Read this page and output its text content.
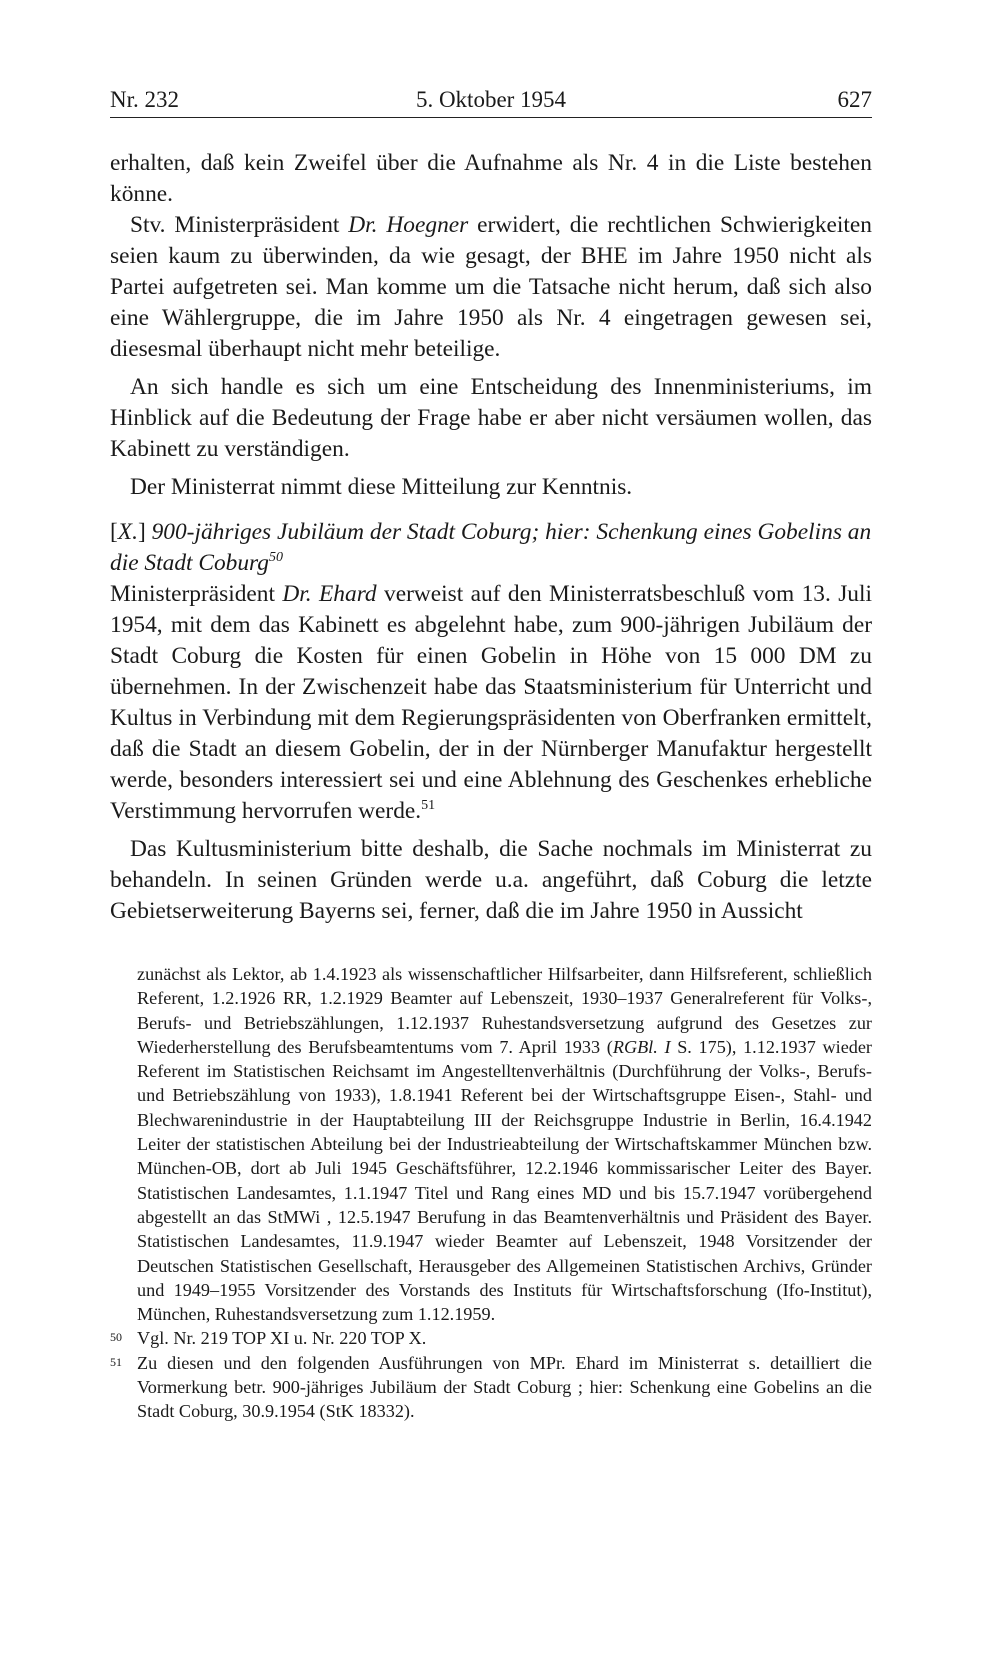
Nr. 232	5. Oktober 1954	627

erhalten, daß kein Zweifel über die Aufnahme als Nr. 4 in die Liste bestehen könne.

Stv. Ministerpräsident Dr. Hoegner erwidert, die rechtlichen Schwierigkeiten seien kaum zu überwinden, da wie gesagt, der BHE im Jahre 1950 nicht als Partei aufgetreten sei. Man komme um die Tatsache nicht herum, daß sich also eine Wählergruppe, die im Jahre 1950 als Nr. 4 eingetragen gewesen sei, diesesmal überhaupt nicht mehr beteilige.

An sich handle es sich um eine Entscheidung des Innenministeriums, im Hinblick auf die Bedeutung der Frage habe er aber nicht versäumen wollen, das Kabinett zu verständigen.

Der Ministerrat nimmt diese Mitteilung zur Kenntnis.

[X.] 900-jähriges Jubiläum der Stadt Coburg; hier: Schenkung eines Gobelins an die Stadt Coburg$^{50}$

Ministerpräsident Dr. Ehard verweist auf den Ministerratsbeschluß vom 13. Juli 1954, mit dem das Kabinett es abgelehnt habe, zum 900-jährigen Jubiläum der Stadt Coburg die Kosten für einen Gobelin in Höhe von 15 000 DM zu übernehmen. In der Zwischenzeit habe das Staatsministerium für Unterricht und Kultus in Verbindung mit dem Regierungspräsidenten von Oberfranken ermittelt, daß die Stadt an diesem Gobelin, der in der Nürnberger Manufaktur hergestellt werde, besonders interessiert sei und eine Ablehnung des Geschenkes erhebliche Verstimmung hervorrufen werde.$^{51}$

Das Kultusministerium bitte deshalb, die Sache nochmals im Ministerrat zu behandeln. In seinen Gründen werde u.a. angeführt, daß Coburg die letzte Gebietserweiterung Bayerns sei, ferner, daß die im Jahre 1950 in Aussicht

zunächst als Lektor, ab 1.4.1923 als wissenschaftlicher Hilfsarbeiter, dann Hilfsreferent, schließlich Referent, 1.2.1926 RR, 1.2.1929 Beamter auf Lebenszeit, 1930–1937 Generalreferent für Volks-, Berufs- und Betriebszählungen, 1.12.1937 Ruhestandsversetzung aufgrund des Gesetzes zur Wiederherstellung des Berufsbeamtentums vom 7. April 1933 (RGBl. I S. 175), 1.12.1937 wieder Referent im Statistischen Reichsamt im Angestelltenverhältnis (Durchführung der Volks-, Berufs- und Betriebszählung von 1933), 1.8.1941 Referent bei der Wirtschaftsgruppe Eisen-, Stahl- und Blechwarenindustrie in der Hauptabteilung III der Reichsgruppe Industrie in Berlin, 16.4.1942 Leiter der statistischen Abteilung bei der Industrieabteilung der Wirtschaftskammer München bzw. München-OB, dort ab Juli 1945 Geschäftsführer, 12.2.1946 kommissarischer Leiter des Bayer. Statistischen Landesamtes, 1.1.1947 Titel und Rang eines MD und bis 15.7.1947 vorübergehend abgestellt an das StMWi , 12.5.1947 Berufung in das Beamtenverhältnis und Präsident des Bayer. Statistischen Landesamtes, 11.9.1947 wieder Beamter auf Lebenszeit, 1948 Vorsitzender der Deutschen Statistischen Gesellschaft, Herausgeber des Allgemeinen Statistischen Archivs, Gründer und 1949–1955 Vorsitzender des Vorstands des Instituts für Wirtschaftsforschung (Ifo-Institut), München, Ruhestandsversetzung zum 1.12.1959.

50 Vgl. Nr. 219 TOP XI u. Nr. 220 TOP X.

51 Zu diesen und den folgenden Ausführungen von MPr. Ehard im Ministerrat s. detailliert die Vormerkung betr. 900-jähriges Jubiläum der Stadt Coburg ; hier: Schenkung eine Gobelins an die Stadt Coburg, 30.9.1954 (StK 18332).
